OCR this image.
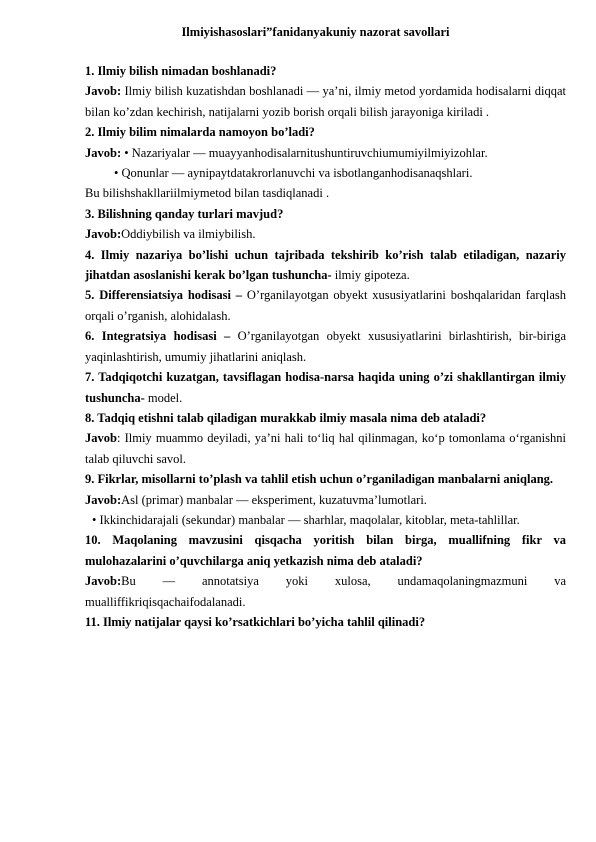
Ilmiyishasoslari”fanidanyakuniy nazorat savollari

1. Ilmiy bilish nimadan boshlanadi?

Javob: Ilmiy bilish kuzatishdan boshlanadi — ya’ni, ilmiy metod yordamida hodisalarni diqqat bilan ko’zdan kechirish, natijalarni yozib borish orqali bilish jarayoniga kiriladi .

2. Ilmiy bilim nimalarda namoyon bo’ladi?

Javob: • Nazariyalar — muayyanhodisalarnitushuntiruvchiumumiyilmiyizohlar.

• Qonunlar — aynipaytdatakrorlanuvchi va isbotlanganhodisanaqshlari.

Bu bilishshakllariilmiymetod bilan tasdiqlanadi .

3. Bilishning qanday turlari mavjud?

Javob:Oddiybilish va ilmiybilish.

4. Ilmiy nazariya bo’lishi uchun tajribada tekshirib ko’rish talab etiladigan, nazariy jihatdan asoslanishi kerak bo’lgan tushuncha- ilmiy gipoteza.

5. Differensiatsiya hodisasi – O’rganilayotgan obyekt xususiyatlarini boshqalaridan farqlash orqali o’rganish, alohidalash.

6. Integratsiya hodisasi – O’rganilayotgan obyekt xususiyatlarini birlashtirish, bir-biriga yaqinlashtirish, umumiy jihatlarini aniqlash.

7. Tadqiqotchi kuzatgan, tavsiflagan hodisa-narsa haqida uning o’zi shakllantirgan ilmiy tushuncha- model.

8. Tadqiq etishni talab qiladigan murakkab ilmiy masala nima deb ataladi?

Javob: Ilmiy muammo deyiladi, ya’ni hali to‘liq hal qilinmagan, ko‘p tomonlama o‘rganishni talab qiluvchi savol.

9. Fikrlar, misollarni to’plash va tahlil etish uchun o’rganiladigan manbalarni aniqlang.

Javob:Asl (primar) manbalar — eksperiment, kuzatuvma’lumotlari.

• Ikkinchidarajali (sekundar) manbalar — sharhlar, maqolalar, kitoblar, meta-tahlillar.

10. Maqolaning mavzusini qisqacha yoritish bilan birga, muallifning fikr va mulohazalarini o’quvchilarga aniq yetkazish nima deb ataladi?

Javob:Bu — annotatsiya yoki xulosa, undamaqolaningmazmuni va mualliffikriqisqachaifodalanadi.

11. Ilmiy natijalar qaysi ko’rsatkichlari bo’yicha tahlil qilinadi?
